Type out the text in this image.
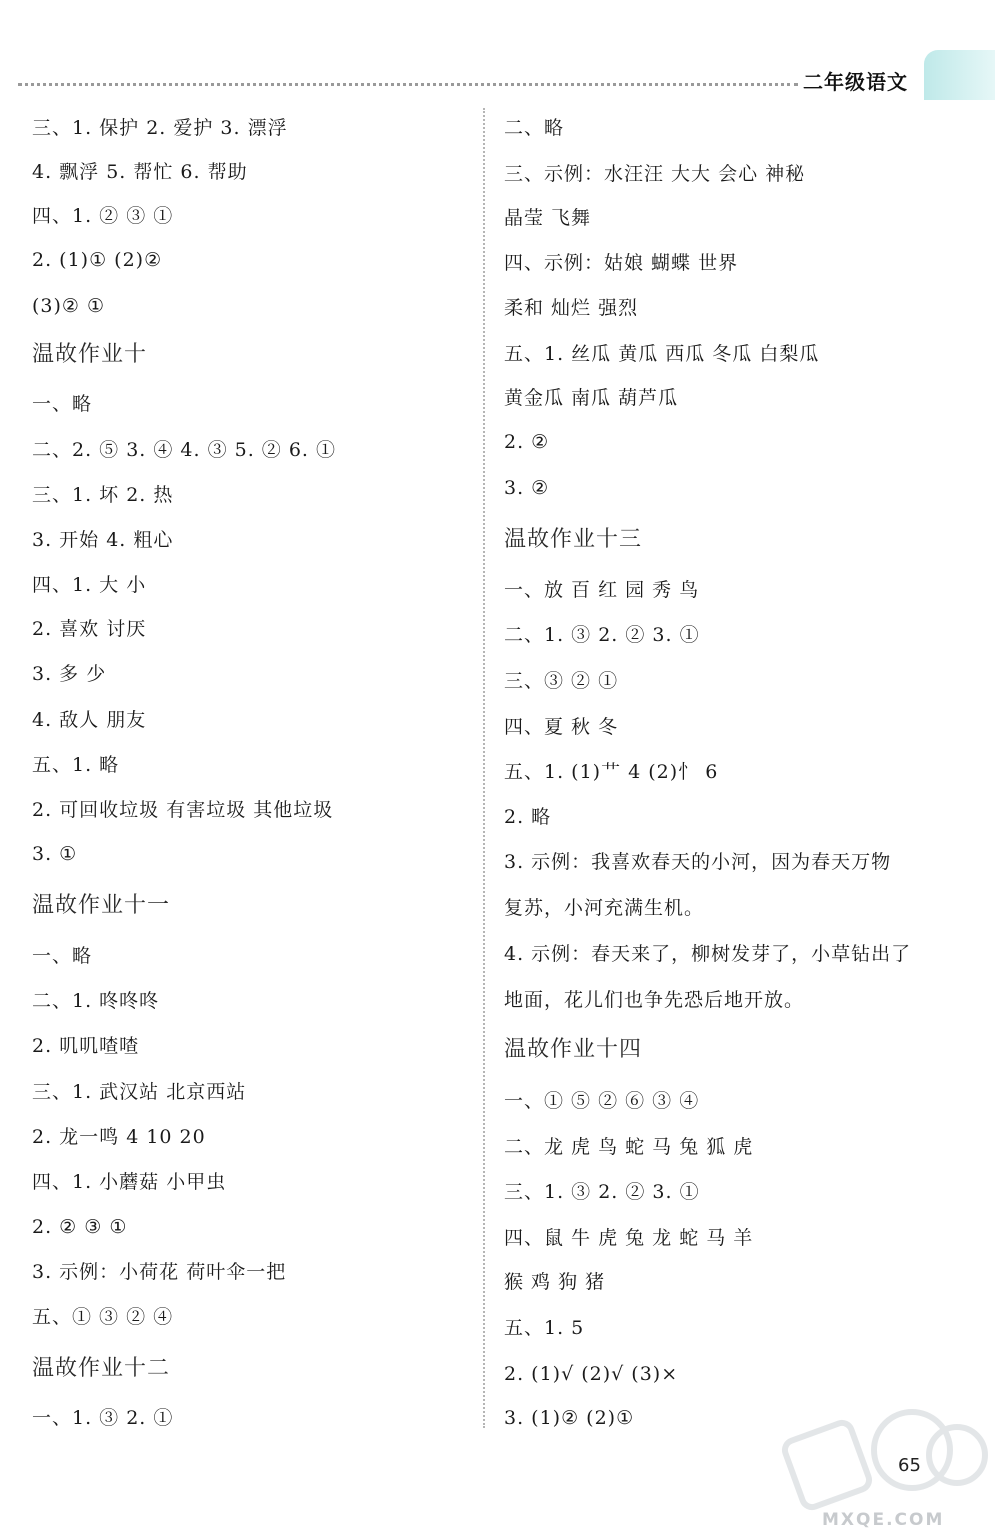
二年级语文
三、1. 保护 2. 爱护 3. 漂浮
4. 飘浮 5. 帮忙 6. 帮助
四、1. ② ③ ①
2. (1)① (2)②
(3)② ①
温故作业十
一、略
二、2. ⑤ 3. ④ 4. ③ 5. ② 6. ①
三、1. 坏 2. 热
3. 开始 4. 粗心
四、1. 大 小
2. 喜欢 讨厌
3. 多 少
4. 敌人 朋友
五、1. 略
2. 可回收垃圾 有害垃圾 其他垃圾
3. ①
温故作业十一
一、略
二、1. 咚咚咚
2. 叽叽喳喳
三、1. 武汉站 北京西站
2. 龙一鸣 4 10 20
四、1. 小蘑菇 小甲虫
2. ② ③ ①
3. 示例：小荷花 荷叶伞一把
五、① ③ ② ④
温故作业十二
一、1. ③ 2. ①
二、略
三、示例：水汪汪 大大 会心 神秘
晶莹 飞舞
四、示例：姑娘 蝴蝶 世界
柔和 灿烂 强烈
五、1. 丝瓜 黄瓜 西瓜 冬瓜 白梨瓜
黄金瓜 南瓜 葫芦瓜
2. ②
3. ②
温故作业十三
一、放 百 红 园 秀 鸟
二、1. ③ 2. ② 3. ①
三、③ ② ①
四、夏 秋 冬
五、1. (1)艹 4 (2)忄 6
2. 略
3. 示例：我喜欢春天的小河，因为春天万物
复苏，小河充满生机。
4. 示例：春天来了，柳树发芽了，小草钻出了
地面，花儿们也争先恐后地开放。
温故作业十四
一、① ⑤ ② ⑥ ③ ④
二、龙 虎 鸟 蛇 马 兔 狐 虎
三、1. ③ 2. ② 3. ①
四、鼠 牛 虎 兔 龙 蛇 马 羊
猴 鸡 狗 猪
五、1. 5
2. (1)√ (2)√ (3)×
3. (1)② (2)①
65
MXQE.COM
